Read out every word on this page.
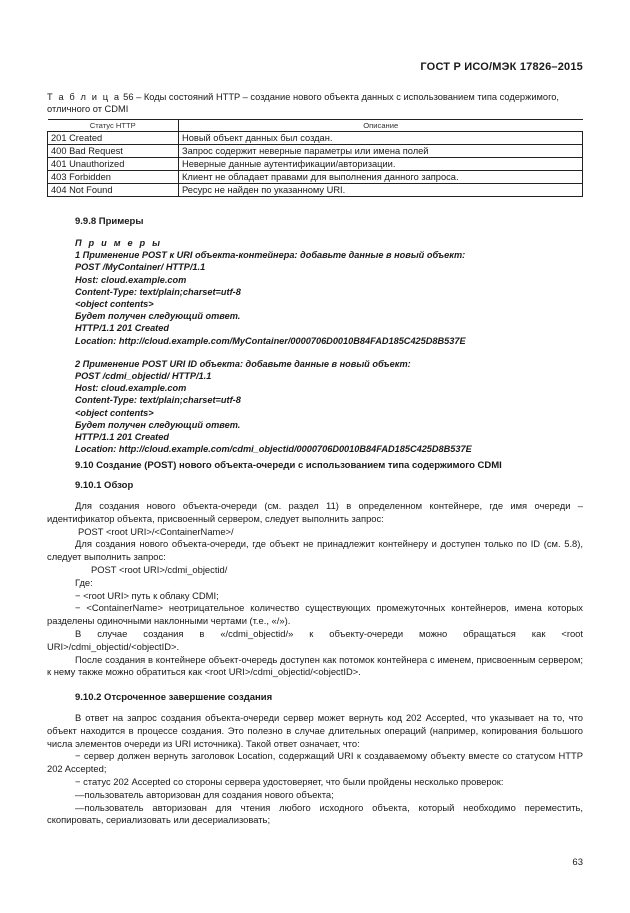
ГОСТ Р ИСО/МЭК 17826–2015
Т а б л и ц а 56 – Коды состояний HTTP – создание нового объекта данных с использованием типа содержимого, отличного от CDMI
Статус HTTP	Описание
201 Created	Новый объект данных был создан.
400 Bad Request	Запрос содержит неверные параметры или имена полей
401 Unauthorized	Неверные данные аутентификации/авторизации.
403 Forbidden	Клиент не обладает правами для выполнения данного запроса.
404 Not Found	Ресурс не найден по указанному URI.
9.9.8 Примеры
П р и м е р ы
1 Применение POST к URI объекта-контейнера: добавьте данные в новый объект:
POST /MyContainer/ HTTP/1.1
Host: cloud.example.com
Content-Type: text/plain;charset=utf-8
<object contents>
Будет получен следующий ответ.
HTTP/1.1 201 Created
Location: http://cloud.example.com/MyContainer/0000706D0010B84FAD185C425D8B537E
2 Применение POST URI ID объекта: добавьте данные в новый объект:
POST /cdmi_objectid/ HTTP/1.1
Host: cloud.example.com
Content-Type: text/plain;charset=utf-8
<object contents>
Будет получен следующий ответ.
HTTP/1.1 201 Created
Location: http://cloud.example.com/cdmi_objectid/0000706D0010B84FAD185C425D8B537E
9.10 Создание (POST) нового объекта-очереди с использованием типа содержимого CDMI
9.10.1 Обзор
Для создания нового объекта-очереди (см. раздел 11) в определенном контейнере, где имя очереди – идентификатор объекта, присвоенный сервером, следует выполнить запрос:
POST <root URI>/<ContainerName>/
Для создания нового объекта-очереди, где объект не принадлежит контейнеру и доступен только по ID (см. 5.8), следует выполнить запрос:
POST <root URI>/cdmi_objectid/
Где:
− <root URI> путь к облаку CDMI;
− <ContainerName> неотрицательное количество существующих промежуточных контейнеров, имена которых разделены одиночными наклонными чертами (т.е., «/»).
В случае создания в «/cdmi_objectid/» к объекту-очереди можно обращаться как <root URI>/cdmi_objectid/<objectID>.
После создания в контейнере объект-очередь доступен как потомок контейнера с именем, присвоенным сервером; к нему также можно обратиться как <root URI>/cdmi_objectid/<objectID>.
9.10.2 Отсроченное завершение создания
В ответ на запрос создания объекта-очереди сервер может вернуть код 202 Accepted, что указывает на то, что объект находится в процессе создания. Это полезно в случае длительных операций (например, копирования большого числа элементов очереди из URI источника). Такой ответ означает, что:
− сервер должен вернуть заголовок Location, содержащий URI к создаваемому объекту вместе со статусом HTTP 202 Accepted;
− статус 202 Accepted со стороны сервера удостоверяет, что были пройдены несколько проверок:
—пользователь авторизован для создания нового объекта;
—пользователь авторизован для чтения любого исходного объекта, который необходимо переместить, скопировать, сериализовать или десериализовать;
63
